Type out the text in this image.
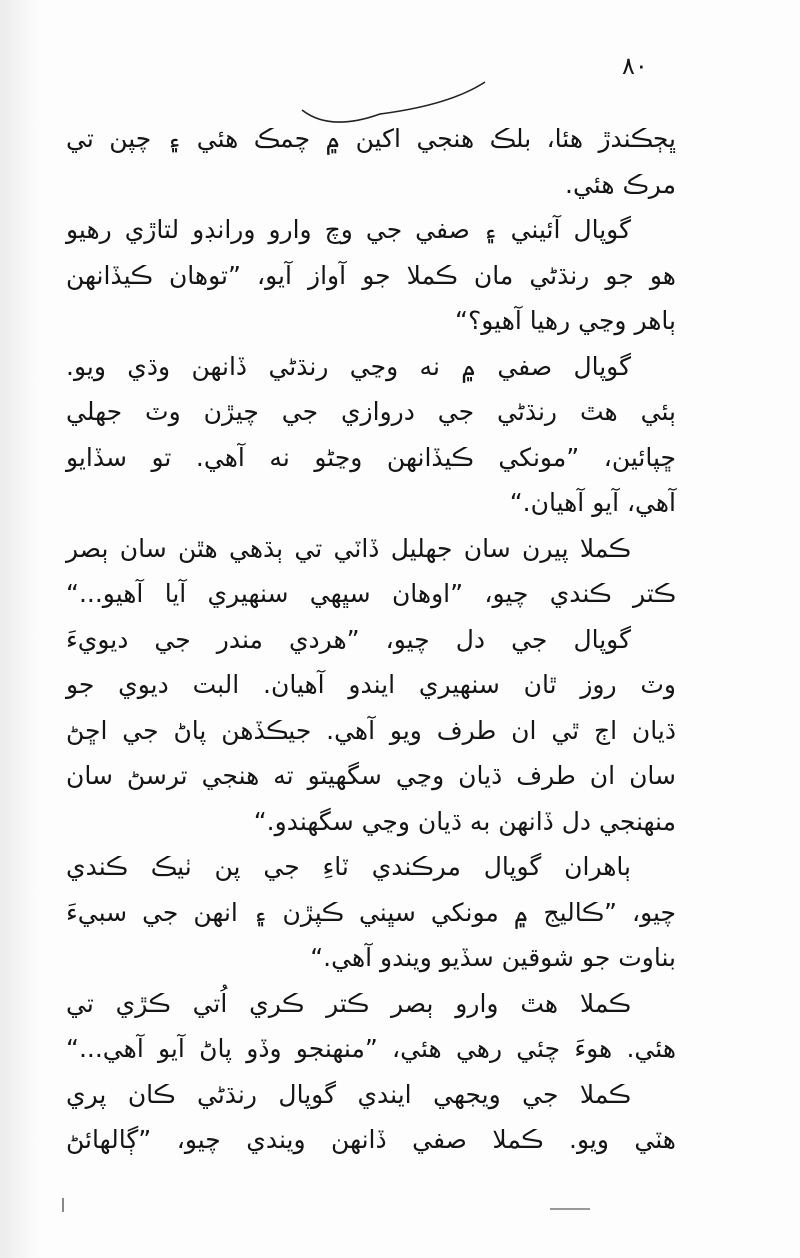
٨٠
ڀڄڪندڙ هئا، بلڪ هنجي اکين ۾ چمڪ هئي ۽ چپن تي
مرڪ هئي.
گوپال آئيني ۽ صفي جي وچ وارو ورانڊو لتاڙي رهيو
هو جو رنڌڻي مان ڪملا جو آواز آيو، ”توهان ڪيڏانهن
ٻاهر وڃي رهيا آهيو؟“
گوپال صفي ۾ نه وڃي رنڌڻي ڏانهن وڌي ويو.
ٻئي هٿ رنڌڻي جي دروازي جي چيڙن وٽ جهلي
ڇپائين، ”مونکي ڪيڏانهن وڃڻو نه آهي. تو سڏايو
آهي، آيو آهيان.“
ڪملا پيرن سان جهليل ڏاٽي تي ٻڌهي هٿن سان ٻصر
ڪتر ڪندي چيو، ”اوهان سڀهي سنهيري آيا آهيو...“
گوپال جي دل چيو، ”هردي مندر جي ديويءَ
وٽ روز ٿان سنهيري ايندو آهيان. البت ديوي جو
ڌيان اڄ ٿي ان طرف ويو آهي. جيڪڏهن پاڻ جي اڇڻ
سان ان طرف ڌيان وڃي سگهيتو ته هنجي ترسڻ سان
منهنجي دل ڏانهن به ڌيان وڃي سگهندو.“
ٻاهران گوپال مرڪندي ٽاءِ جي پن ٺيڪ ڪندي
چيو، ”ڪاليج ۾ مونکي سڀني ڪپڙن ۽ انهن جي سبيءَ
بناوت جو شوقين سڏيو ويندو آهي.“
ڪملا هٿ وارو ٻصر ڪتر ڪري اُتي ڪڙي تي
هئي. هوءَ چئي رهي هئي، ”منهنجو وڏو پاڻ آيو آهي...“
ڪملا جي ويجهي ايندي گوپال رنڌڻي ڪان پري
هٽي ويو. ڪملا صفي ڏانهن ويندي چيو، ”ڳالهائڻ
